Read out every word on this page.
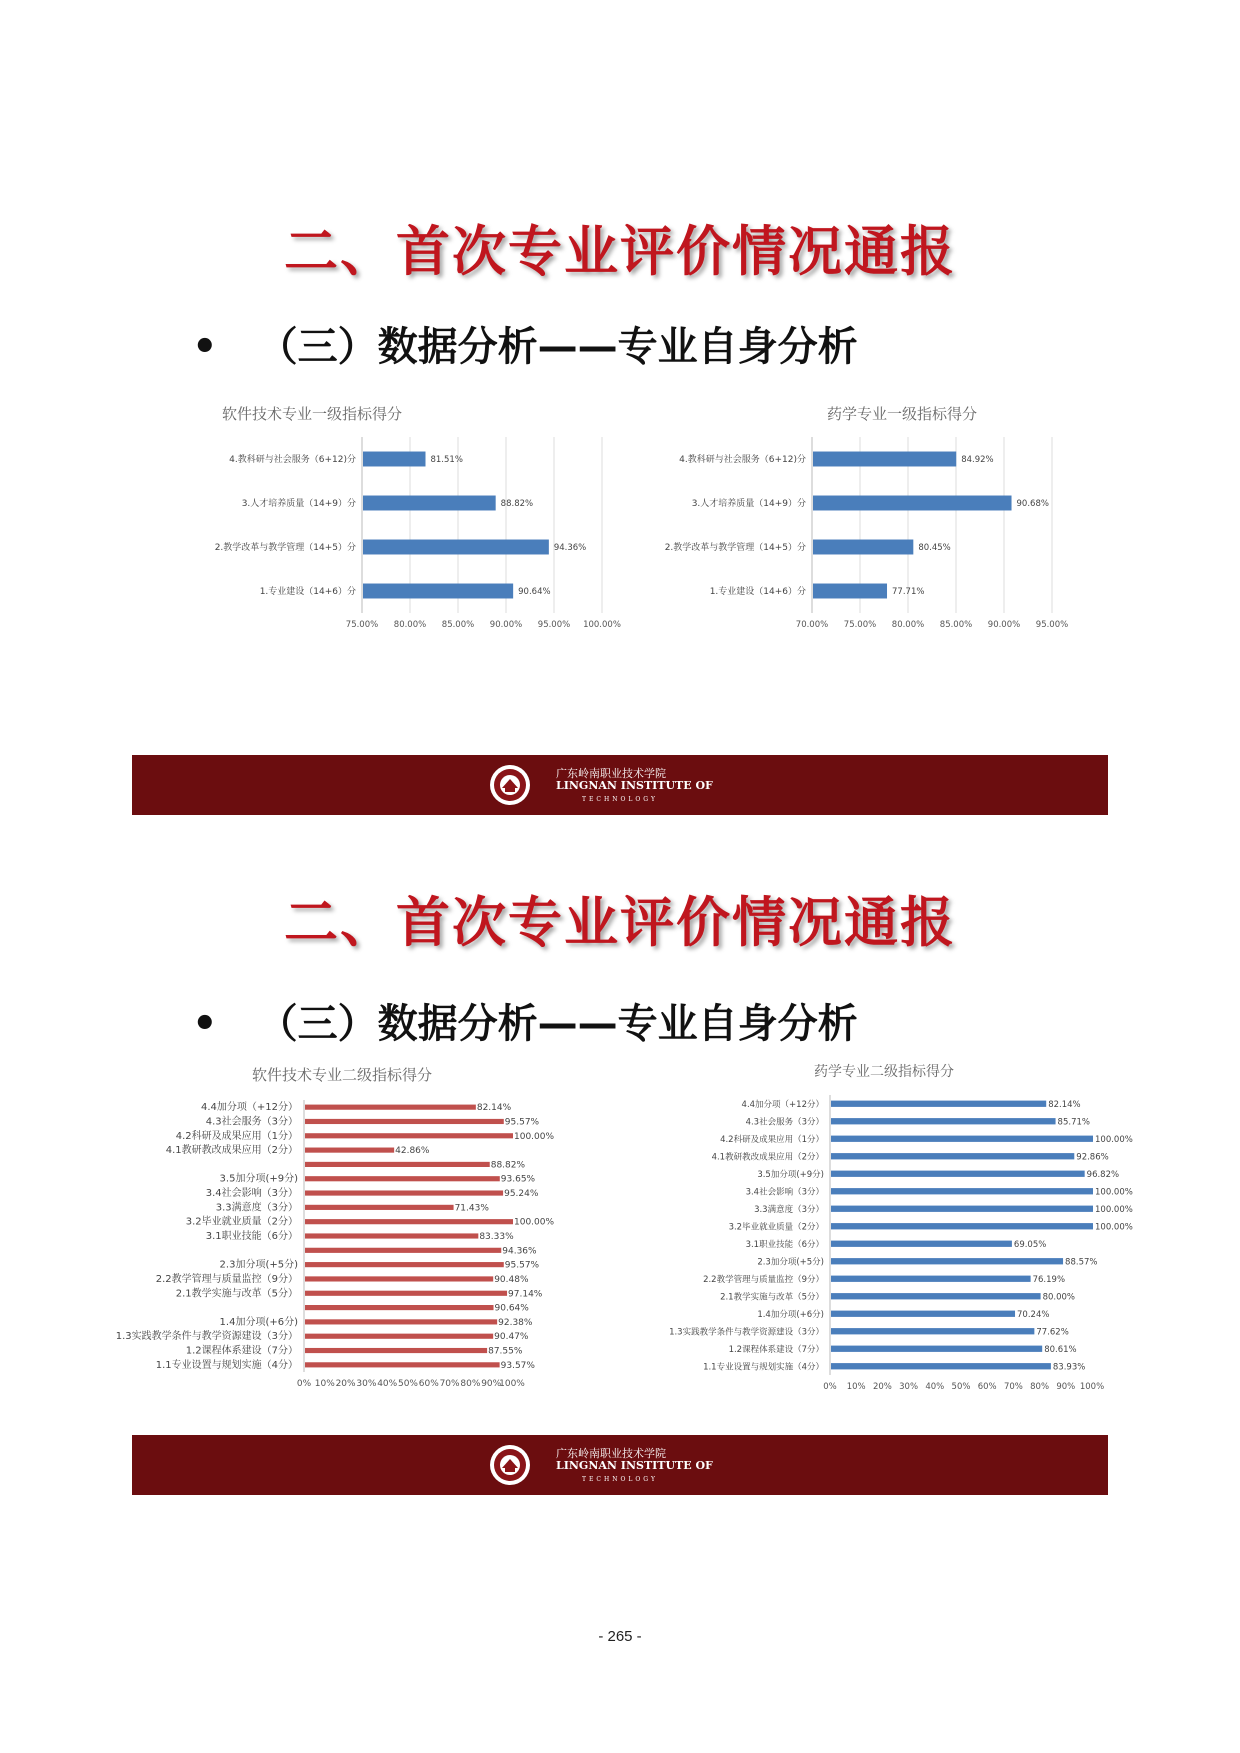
二、首次专业评价情况通报
• （三）数据分析——专业自身分析
软件技术专业一级指标得分
75.00% 80.00% 85.00% 90.00% 95.00% 100.00%
81.51%
4.教科研与社会服务（6+12)分
88.82%
3.人才培养质量（14+9）分
94.36%
2.教学改革与教学管理（14+5）分
90.64%
1.专业建设（14+6）分
药学专业一级指标得分
70.00% 75.00% 80.00% 85.00% 90.00% 95.00%
84.92%
4.教科研与社会服务（6+12)分
90.68%
3.人才培养质量（14+9）分
80.45%
2.教学改革与教学管理（14+5）分
77.71%
1.专业建设（14+6）分
广东岭南职业技术学院
LINGNAN INSTITUTE OF
TECHNOLOGY
二、首次专业评价情况通报
• （三）数据分析——专业自身分析
软件技术专业二级指标得分
0% 10% 20% 30% 40% 50% 60% 70% 80% 90%
100%
82.14%
4.4加分项（+12分）
95.57%
4.3社会服务（3分）
100.00%
4.2科研及成果应用（1分）
42.86%
4.1教研教改成果应用（2分）
88.82%
93.65%
3.5加分项(+9分)
95.24%
3.4社会影响（3分）
71.43%
3.3满意度（3分）
100.00%
3.2毕业就业质量（2分）
83.33%
3.1职业技能（6分）
94.36%
95.57%
2.3加分项(+5分)
90.48%
2.2教学管理与质量监控（9分）
97.14%
2.1教学实施与改革（5分）
90.64%
92.38%
1.4加分项(+6分)
90.47%
1.3实践教学条件与教学资源建设（3分）
87.55%
1.2课程体系建设（7分）
93.57%
1.1专业设置与规划实施（4分）
药学专业二级指标得分
0% 10% 20% 30% 40% 50% 60% 70% 80% 90% 100%
82.14%
4.4加分项（+12分）
85.71%
4.3社会服务（3分）
100.00%
4.2科研及成果应用（1分）
92.86%
4.1教研教改成果应用（2分）
96.82%
3.5加分项(+9分)
100.00%
3.4社会影响（3分）
100.00%
3.3满意度（3分）
100.00%
3.2毕业就业质量（2分）
69.05%
3.1职业技能（6分）
88.57%
2.3加分项(+5分)
76.19%
2.2教学管理与质量监控（9分）
80.00%
2.1教学实施与改革（5分）
70.24%
1.4加分项(+6分)
77.62%
1.3实践教学条件与教学资源建设（3分）
80.61%
1.2课程体系建设（7分）
83.93%
1.1专业设置与规划实施（4分）
广东岭南职业技术学院
LINGNAN INSTITUTE OF
TECHNOLOGY
- 265 -
